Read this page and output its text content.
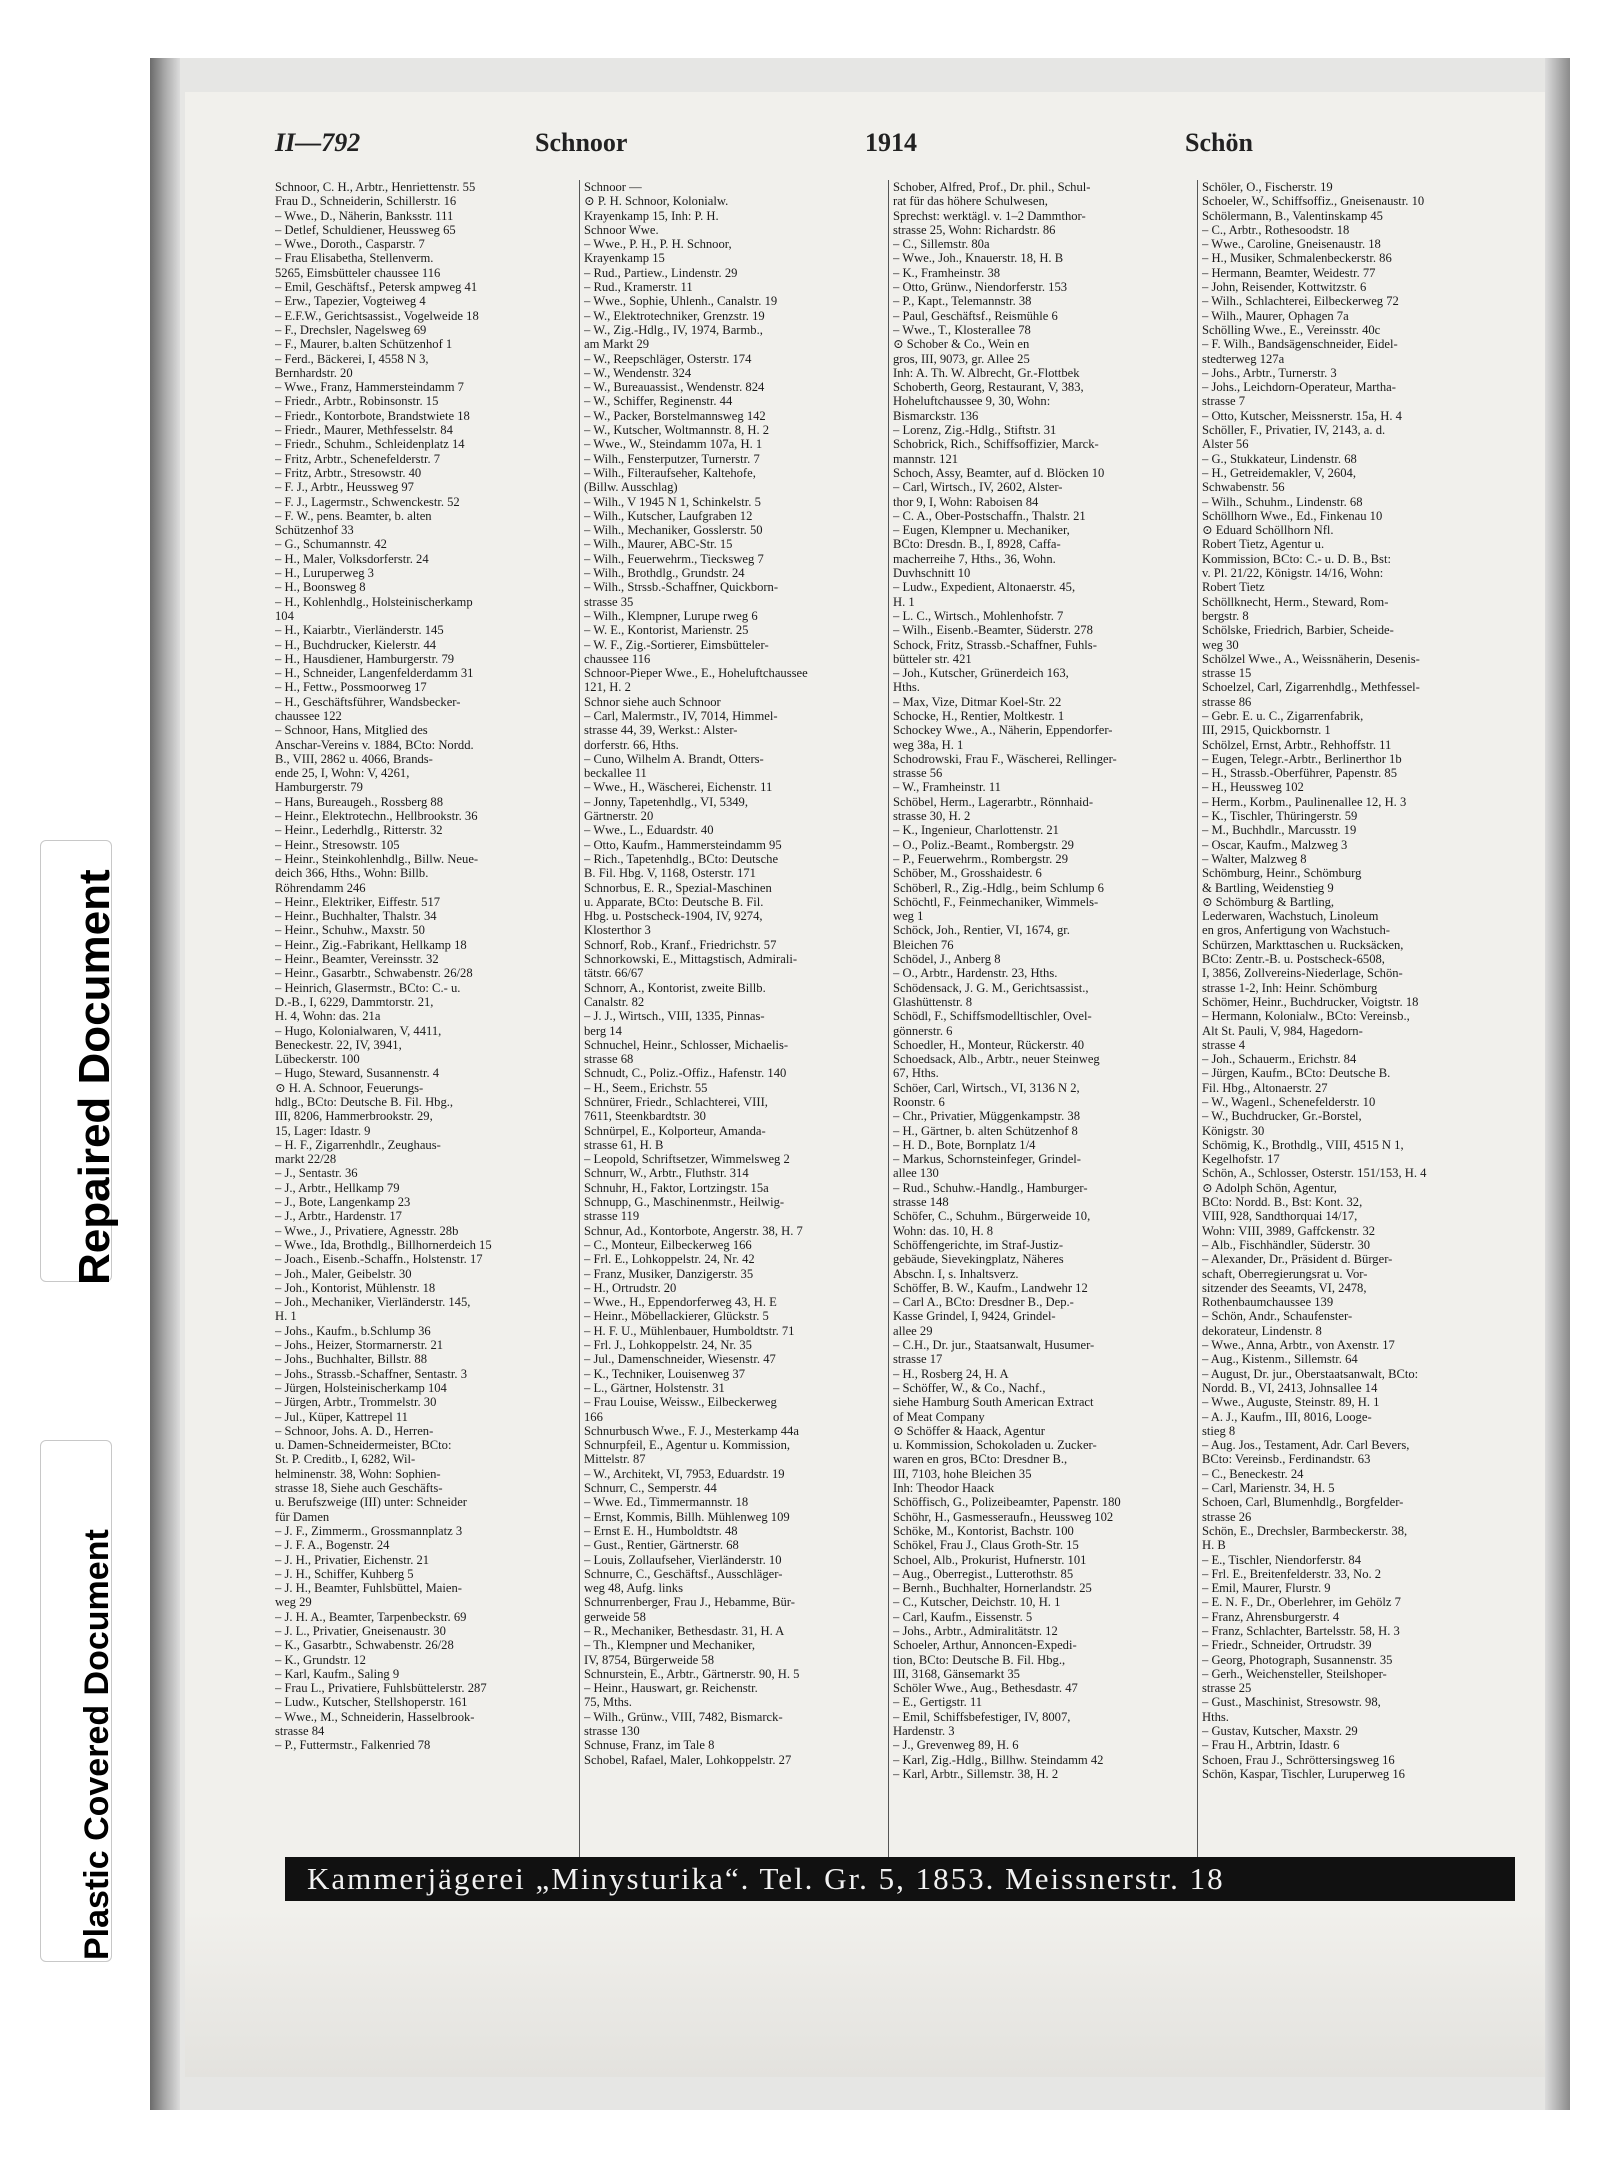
Plastic Covered Document
Repaired Document
II—792	Schnoor	1914	Schön
Schnoor, C. H., Arbtr., Henriettenstr. 55
Frau D., Schneiderin, Schillerstr. 16
– Wwe., D., Näherin, Banksstr. 111
– Detlef, Schuldiener, Heussweg 65
– Wwe., Doroth., Casparstr. 7
– Frau Elisabetha, Stellenverm.
5265, Eimsbütteler chaussee 116
– Emil, Geschäftsf., Petersk ampweg 41
– Erw., Tapezier, Vogteiweg 4
– E.F.W., Gerichtsassist., Vogelweide 18
– F., Drechsler, Nagelsweg 69
– F., Maurer, b.alten Schützenhof 1
– Ferd., Bäckerei, I, 4558 N 3,
Bernhardstr. 20
– Wwe., Franz, Hammersteindamm 7
– Friedr., Arbtr., Robinsonstr. 15
– Friedr., Kontorbote, Brandstwiete 18
– Friedr., Maurer, Methfesselstr. 84
– Friedr., Schuhm., Schleidenplatz 14
– Fritz, Arbtr., Schenefelderstr. 7
– Fritz, Arbtr., Stresowstr. 40
– F. J., Arbtr., Heussweg 97
– F. J., Lagermstr., Schwenckestr. 52
– F. W., pens. Beamter, b. alten
Schützenhof 33
– G., Schumannstr. 42
– H., Maler, Volksdorferstr. 24
– H., Luruperweg 3
– H., Boonsweg 8
– H., Kohlenhdlg., Holsteinischerkamp
104
– H., Kaiarbtr., Vierländerstr. 145
– H., Buchdrucker, Kielerstr. 44
– H., Hausdiener, Hamburgerstr. 79
– H., Schneider, Langenfelderdamm 31
– H., Fettw., Possmoorweg 17
– H., Geschäftsführer, Wandsbecker-
chaussee 122
– Schnoor, Hans, Mitglied des
Anschar-Vereins v. 1884, BCto: Nordd.
B., VIII, 2862 u. 4066, Brands-
ende 25, I, Wohn: V, 4261,
Hamburgerstr. 79
– Hans, Bureaugeh., Rossberg 88
– Heinr., Elektrotechn., Hellbrookstr. 36
– Heinr., Lederhdlg., Ritterstr. 32
– Heinr., Stresowstr. 105
– Heinr., Steinkohlenhdlg., Billw. Neue-
deich 366, Hths., Wohn: Billb.
Röhrendamm 246
– Heinr., Elektriker, Eiffestr. 517
– Heinr., Buchhalter, Thalstr. 34
– Heinr., Schuhw., Maxstr. 50
– Heinr., Zig.-Fabrikant, Hellkamp 18
– Heinr., Beamter, Vereinsstr. 32
– Heinr., Gasarbtr., Schwabenstr. 26/28
– Heinrich, Glasermstr., BCto: C.- u.
D.-B., I, 6229, Dammtorstr. 21,
H. 4, Wohn: das. 21a
– Hugo, Kolonialwaren, V, 4411,
Beneckestr. 22, IV, 3941,
Lübeckerstr. 100
– Hugo, Steward, Susannenstr. 4
⊙ H. A. Schnoor, Feuerungs-
hdlg., BCto: Deutsche B. Fil. Hbg.,
III, 8206, Hammerbrookstr. 29,
15, Lager: Idastr. 9
– H. F., Zigarrenhdlr., Zeughaus-
markt 22/28
– J., Sentastr. 36
– J., Arbtr., Hellkamp 79
– J., Bote, Langenkamp 23
– J., Arbtr., Hardenstr. 17
– Wwe., J., Privatiere, Agnesstr. 28b
– Wwe., Ida, Brothdlg., Billhornerdeich 15
– Joach., Eisenb.-Schaffn., Holstenstr. 17
– Joh., Maler, Geibelstr. 30
– Joh., Kontorist, Mühlenstr. 18
– Joh., Mechaniker, Vierländerstr. 145,
H. 1
– Johs., Kaufm., b.Schlump 36
– Johs., Heizer, Stormarnerstr. 21
– Johs., Buchhalter, Billstr. 88
– Johs., Strassb.-Schaffner, Sentastr. 3
– Jürgen, Holsteinischerkamp 104
– Jürgen, Arbtr., Trommelstr. 30
– Jul., Küper, Kattrepel 11
– Schnoor, Johs. A. D., Herren-
u. Damen-Schneidermeister, BCto:
St. P. Creditb., I, 6282, Wil-
helminenstr. 38, Wohn: Sophien-
strasse 18, Siehe auch Geschäfts-
u. Berufszweige (III) unter: Schneider
für Damen
– J. F., Zimmerm., Grossmannplatz 3
– J. F. A., Bogenstr. 24
– J. H., Privatier, Eichenstr. 21
– J. H., Schiffer, Kuhberg 5
– J. H., Beamter, Fuhlsbüttel, Maien-
weg 29
– J. H. A., Beamter, Tarpenbeckstr. 69
– J. L., Privatier, Gneisenaustr. 30
– K., Gasarbtr., Schwabenstr. 26/28
– K., Grundstr. 12
– Karl, Kaufm., Saling 9
– Frau L., Privatiere, Fuhlsbüttelerstr. 287
– Ludw., Kutscher, Stellshoperstr. 161
– Wwe., M., Schneiderin, Hasselbrook-
strasse 84
– P., Futtermstr., Falkenried 78
Schnoor —
⊙ P. H. Schnoor, Kolonialw.
Krayenkamp 15, Inh: P. H.
Schnoor Wwe.
– Wwe., P. H., P. H. Schnoor,
Krayenkamp 15
– Rud., Partiew., Lindenstr. 29
– Rud., Kramerstr. 11
– Wwe., Sophie, Uhlenh., Canalstr. 19
– W., Elektrotechniker, Grenzstr. 19
– W., Zig.-Hdlg., IV, 1974, Barmb.,
am Markt 29
– W., Reepschläger, Osterstr. 174
– W., Wendenstr. 324
– W., Bureauassist., Wendenstr. 824
– W., Schiffer, Reginenstr. 44
– W., Packer, Borstelmannsweg 142
– W., Kutscher, Woltmannstr. 8, H. 2
– Wwe., W., Steindamm 107a, H. 1
– Wilh., Fensterputzer, Turnerstr. 7
– Wilh., Filteraufseher, Kaltehofe,
(Billw. Ausschlag)
– Wilh., V 1945 N 1, Schinkelstr. 5
– Wilh., Kutscher, Laufgraben 12
– Wilh., Mechaniker, Gosslerstr. 50
– Wilh., Maurer, ABC-Str. 15
– Wilh., Feuerwehrm., Tiecksweg 7
– Wilh., Brothdlg., Grundstr. 24
– Wilh., Strssb.-Schaffner, Quickborn-
strasse 35
– Wilh., Klempner, Lurupe rweg 6
– W. E., Kontorist, Marienstr. 25
– W. F., Zig.-Sortierer, Eimsbütteler-
chaussee 116
Schnoor-Pieper Wwe., E., Hoheluftchaussee
121, H. 2
Schnor siehe auch Schnoor
– Carl, Malermstr., IV, 7014, Himmel-
strasse 44, 39, Werkst.: Alster-
dorferstr. 66, Hths.
– Cuno, Wilhelm A. Brandt, Otters-
beckallee 11
– Wwe., H., Wäscherei, Eichenstr. 11
– Jonny, Tapetenhdlg., VI, 5349,
Gärtnerstr. 20
– Wwe., L., Eduardstr. 40
– Otto, Kaufm., Hammersteindamm 95
– Rich., Tapetenhdlg., BCto: Deutsche
B. Fil. Hbg. V, 1168, Osterstr. 171
Schnorbus, E. R., Spezial-Maschinen
u. Apparate, BCto: Deutsche B. Fil.
Hbg. u. Postscheck-1904, IV, 9274,
Klosterthor 3
Schnorf, Rob., Kranf., Friedrichstr. 57
Schnorkowski, E., Mittagstisch, Admirali-
tätstr. 66/67
Schnorr, A., Kontorist, zweite Billb.
Canalstr. 82
– J. J., Wirtsch., VIII, 1335, Pinnas-
berg 14
Schnuchel, Heinr., Schlosser, Michaelis-
strasse 68
Schnudt, C., Poliz.-Offiz., Hafenstr. 140
– H., Seem., Erichstr. 55
Schnürer, Friedr., Schlachterei, VIII,
7611, Steenkbardtstr. 30
Schnürpel, E., Kolporteur, Amanda-
strasse 61, H. B
– Leopold, Schriftsetzer, Wimmelsweg 2
Schnurr, W., Arbtr., Fluthstr. 314
Schnuhr, H., Faktor, Lortzingstr. 15a
Schnupp, G., Maschinenmstr., Heilwig-
strasse 119
Schnur, Ad., Kontorbote, Angerstr. 38, H. 7
– C., Monteur, Eilbeckerweg 166
– Frl. E., Lohkoppelstr. 24, Nr. 42
– Franz, Musiker, Danzigerstr. 35
– H., Ortrudstr. 20
– Wwe., H., Eppendorferweg 43, H. E
– Heinr., Möbellackierer, Glückstr. 5
– H. F. U., Mühlenbauer, Humboldtstr. 71
– Frl. J., Lohkoppelstr. 24, Nr. 35
– Jul., Damenschneider, Wiesenstr. 47
– K., Techniker, Louisenweg 37
– L., Gärtner, Holstenstr. 31
– Frau Louise, Weissw., Eilbeckerweg
166
Schnurbusch Wwe., F. J., Mesterkamp 44a
Schnurpfeil, E., Agentur u. Kommission,
Mittelstr. 87
– W., Architekt, VI, 7953, Eduardstr. 19
Schnurr, C., Semperstr. 44
– Wwe. Ed., Timmermannstr. 18
– Ernst, Kommis, Billh. Mühlenweg 109
– Ernst E. H., Humboldtstr. 48
– Gust., Rentier, Gärtnerstr. 68
– Louis, Zollaufseher, Vierländerstr. 10
Schnurre, C., Geschäftsf., Ausschläger-
weg 48, Aufg. links
Schnurrenberger, Frau J., Hebamme, Bür-
gerweide 58
– R., Mechaniker, Bethesdastr. 31, H. A
– Th., Klempner und Mechaniker,
IV, 8754, Bürgerweide 58
Schnurstein, E., Arbtr., Gärtnerstr. 90, H. 5
– Heinr., Hauswart, gr. Reichenstr.
75, Mths.
– Wilh., Grünw., VIII, 7482, Bismarck-
strasse 130
Schnuse, Franz, im Tale 8
Schobel, Rafael, Maler, Lohkoppelstr. 27
Schober, Alfred, Prof., Dr. phil., Schul-
rat für das höhere Schulwesen,
Sprechst: werktägl. v. 1–2 Dammthor-
strasse 25, Wohn: Richardstr. 86
– C., Sillemstr. 80a
– Wwe., Joh., Knauerstr. 18, H. B
– K., Framheinstr. 38
– Otto, Grünw., Niendorferstr. 153
– P., Kapt., Telemannstr. 38
– Paul, Geschäftsf., Reismühle 6
– Wwe., T., Klosterallee 78
⊙ Schober & Co., Wein en
gros, III, 9073, gr. Allee 25
Inh: A. Th. W. Albrecht, Gr.-Flottbek
Schoberth, Georg, Restaurant, V, 383,
Hoheluftchaussee 9, 30, Wohn:
Bismarckstr. 136
– Lorenz, Zig.-Hdlg., Stiftstr. 31
Schobrick, Rich., Schiffsoffizier, Marck-
mannstr. 121
Schoch, Assy, Beamter, auf d. Blöcken 10
– Carl, Wirtsch., IV, 2602, Alster-
thor 9, I, Wohn: Raboisen 84
– C. A., Ober-Postschaffn., Thalstr. 21
– Eugen, Klempner u. Mechaniker,
BCto: Dresdn. B., I, 8928, Caffa-
macherreihe 7, Hths., 36, Wohn.
Duvhschnitt 10
– Ludw., Expedient, Altonaerstr. 45,
H. 1
– L. C., Wirtsch., Mohlenhofstr. 7
– Wilh., Eisenb.-Beamter, Süderstr. 278
Schock, Fritz, Strassb.-Schaffner, Fuhls-
bütteler str. 421
– Joh., Kutscher, Grünerdeich 163,
Hths.
– Max, Vize, Ditmar Koel-Str. 22
Schocke, H., Rentier, Moltkestr. 1
Schockey Wwe., A., Näherin, Eppendorfer-
weg 38a, H. 1
Schodrowski, Frau F., Wäscherei, Rellinger-
strasse 56
– W., Framheinstr. 11
Schöbel, Herm., Lagerarbtr., Rönnhaid-
strasse 30, H. 2
– K., Ingenieur, Charlottenstr. 21
– O., Poliz.-Beamt., Rombergstr. 29
– P., Feuerwehrm., Rombergstr. 29
Schöber, M., Grosshaidestr. 6
Schöberl, R., Zig.-Hdlg., beim Schlump 6
Schöchtl, F., Feinmechaniker, Wimmels-
weg 1
Schöck, Joh., Rentier, VI, 1674, gr.
Bleichen 76
Schödel, J., Anberg 8
– O., Arbtr., Hardenstr. 23, Hths.
Schödensack, J. G. M., Gerichtsassist.,
Glashüttenstr. 8
Schödl, F., Schiffsmodelltischler, Ovel-
gönnerstr. 6
Schoedler, H., Monteur, Rückerstr. 40
Schoedsack, Alb., Arbtr., neuer Steinweg
67, Hths.
Schöer, Carl, Wirtsch., VI, 3136 N 2,
Roonstr. 6
– Chr., Privatier, Müggenkampstr. 38
– H., Gärtner, b. alten Schützenhof 8
– H. D., Bote, Bornplatz 1/4
– Markus, Schornsteinfeger, Grindel-
allee 130
– Rud., Schuhw.-Handlg., Hamburger-
strasse 148
Schöfer, C., Schuhm., Bürgerweide 10,
Wohn: das. 10, H. 8
Schöffengerichte, im Straf-Justiz-
gebäude, Sievekingplatz, Näheres
Abschn. I, s. Inhaltsverz.
Schöffer, B. W., Kaufm., Landwehr 12
– Carl A., BCto: Dresdner B., Dep.-
Kasse Grindel, I, 9424, Grindel-
allee 29
– C.H., Dr. jur., Staatsanwalt, Husumer-
strasse 17
– H., Rosberg 24, H. A
– Schöffer, W., & Co., Nachf.,
siehe Hamburg South American Extract
of Meat Company
⊙ Schöffer & Haack, Agentur
u. Kommission, Schokoladen u. Zucker-
waren en gros, BCto: Dresdner B.,
III, 7103, hohe Bleichen 35
Inh: Theodor Haack
Schöffisch, G., Polizeibeamter, Papenstr. 180
Schöhr, H., Gasmesseraufn., Heussweg 102
Schöke, M., Kontorist, Bachstr. 100
Schökel, Frau J., Claus Groth-Str. 15
Schoel, Alb., Prokurist, Hufnerstr. 101
– Aug., Oberregist., Lutterothstr. 85
– Bernh., Buchhalter, Hornerlandstr. 25
– C., Kutscher, Deichstr. 10, H. 1
– Carl, Kaufm., Eissenstr. 5
– Johs., Arbtr., Admiralitätstr. 12
Schoeler, Arthur, Annoncen-Expedi-
tion, BCto: Deutsche B. Fil. Hbg.,
III, 3168, Gänsemarkt 35
Schöler Wwe., Aug., Bethesdastr. 47
– E., Gertigstr. 11
– Emil, Schiffsbefestiger, IV, 8007,
Hardenstr. 3
– J., Grevenweg 89, H. 6
– Karl, Zig.-Hdlg., Billhw. Steindamm 42
– Karl, Arbtr., Sillemstr. 38, H. 2
Schöler, O., Fischerstr. 19
Schoeler, W., Schiffsoffiz., Gneisenaustr. 10
Schölermann, B., Valentinskamp 45
– C., Arbtr., Rothesoodstr. 18
– Wwe., Caroline, Gneisenaustr. 18
– H., Musiker, Schmalenbeckerstr. 86
– Hermann, Beamter, Weidestr. 77
– John, Reisender, Kottwitzstr. 6
– Wilh., Schlachterei, Eilbeckerweg 72
– Wilh., Maurer, Ophagen 7a
Schölling Wwe., E., Vereinsstr. 40c
– F. Wilh., Bandsägenschneider, Eidel-
stedterweg 127a
– Johs., Arbtr., Turnerstr. 3
– Johs., Leichdorn-Operateur, Martha-
strasse 7
– Otto, Kutscher, Meissnerstr. 15a, H. 4
Schöller, F., Privatier, IV, 2143, a. d.
Alster 56
– G., Stukkateur, Lindenstr. 68
– H., Getreidemakler, V, 2604,
Schwabenstr. 56
– Wilh., Schuhm., Lindenstr. 68
Schöllhorn Wwe., Ed., Finkenau 10
⊙ Eduard Schöllhorn Nfl.
Robert Tietz, Agentur u.
Kommission, BCto: C.- u. D. B., Bst:
v. Pl. 21/22, Königstr. 14/16, Wohn:
Robert Tietz
Schöllknecht, Herm., Steward, Rom-
bergstr. 8
Schölske, Friedrich, Barbier, Scheide-
weg 30
Schölzel Wwe., A., Weissnäherin, Desenis-
strasse 15
Schoelzel, Carl, Zigarrenhdlg., Methfessel-
strasse 86
– Gebr. E. u. C., Zigarrenfabrik,
III, 2915, Quickbornstr. 1
Schölzel, Ernst, Arbtr., Rehhoffstr. 11
– Eugen, Telegr.-Arbtr., Berlinerthor 1b
– H., Strassb.-Oberführer, Papenstr. 85
– H., Heussweg 102
– Herm., Korbm., Paulinenallee 12, H. 3
– K., Tischler, Thüringerstr. 59
– M., Buchhdlr., Marcusstr. 19
– Oscar, Kaufm., Malzweg 3
– Walter, Malzweg 8
Schömburg, Heinr., Schömburg
& Bartling, Weidenstieg 9
⊙ Schömburg & Bartling,
Lederwaren, Wachstuch, Linoleum
en gros, Anfertigung von Wachstuch-
Schürzen, Markttaschen u. Rucksäcken,
BCto: Zentr.-B. u. Postscheck-6508,
I, 3856, Zollvereins-Niederlage, Schön-
strasse 1-2, Inh: Heinr. Schömburg
Schömer, Heinr., Buchdrucker, Voigtstr. 18
– Hermann, Kolonialw., BCto: Vereinsb.,
Alt St. Pauli, V, 984, Hagedorn-
strasse 4
– Joh., Schauerm., Erichstr. 84
– Jürgen, Kaufm., BCto: Deutsche B.
Fil. Hbg., Altonaerstr. 27
– W., Wagenl., Schenefelderstr. 10
– W., Buchdrucker, Gr.-Borstel,
Königstr. 30
Schömig, K., Brothdlg., VIII, 4515 N 1,
Kegelhofstr. 17
Schön, A., Schlosser, Osterstr. 151/153, H. 4
⊙ Adolph Schön, Agentur,
BCto: Nordd. B., Bst: Kont. 32,
VIII, 928, Sandthorquai 14/17,
Wohn: VIII, 3989, Gaffckenstr. 32
– Alb., Fischhändler, Süderstr. 30
– Alexander, Dr., Präsident d. Bürger-
schaft, Oberregierungsrat u. Vor-
sitzender des Seeamts, VI, 2478,
Rothenbaumchaussee 139
– Schön, Andr., Schaufenster-
dekorateur, Lindenstr. 8
– Wwe., Anna, Arbtr., von Axenstr. 17
– Aug., Kistenm., Sillemstr. 64
– August, Dr. jur., Oberstaatsanwalt, BCto:
Nordd. B., VI, 2413, Johnsallee 14
– Wwe., Auguste, Steinstr. 89, H. 1
– A. J., Kaufm., III, 8016, Looge-
stieg 8
– Aug. Jos., Testament, Adr. Carl Bevers,
BCto: Vereinsb., Ferdinandstr. 63
– C., Beneckestr. 24
– Carl, Marienstr. 34, H. 5
Schoen, Carl, Blumenhdlg., Borgfelder-
strasse 26
Schön, E., Drechsler, Barmbeckerstr. 38,
H. B
– E., Tischler, Niendorferstr. 84
– Frl. E., Breitenfelderstr. 33, No. 2
– Emil, Maurer, Flurstr. 9
– E. N. F., Dr., Oberlehrer, im Gehölz 7
– Franz, Ahrensburgerstr. 4
– Franz, Schlachter, Bartelsstr. 58, H. 3
– Friedr., Schneider, Ortrudstr. 39
– Georg, Photograph, Susannenstr. 35
– Gerh., Weichensteller, Steilshoper-
strasse 25
– Gust., Maschinist, Stresowstr. 98,
Hths.
– Gustav, Kutscher, Maxstr. 29
– Frau H., Arbtrin, Idastr. 6
Schoen, Frau J., Schröttersingsweg 16
Schön, Kaspar, Tischler, Luruperweg 16
Kammerjägerei „Minysturika“. Tel. Gr. 5, 1853. Meissnerstr. 18
